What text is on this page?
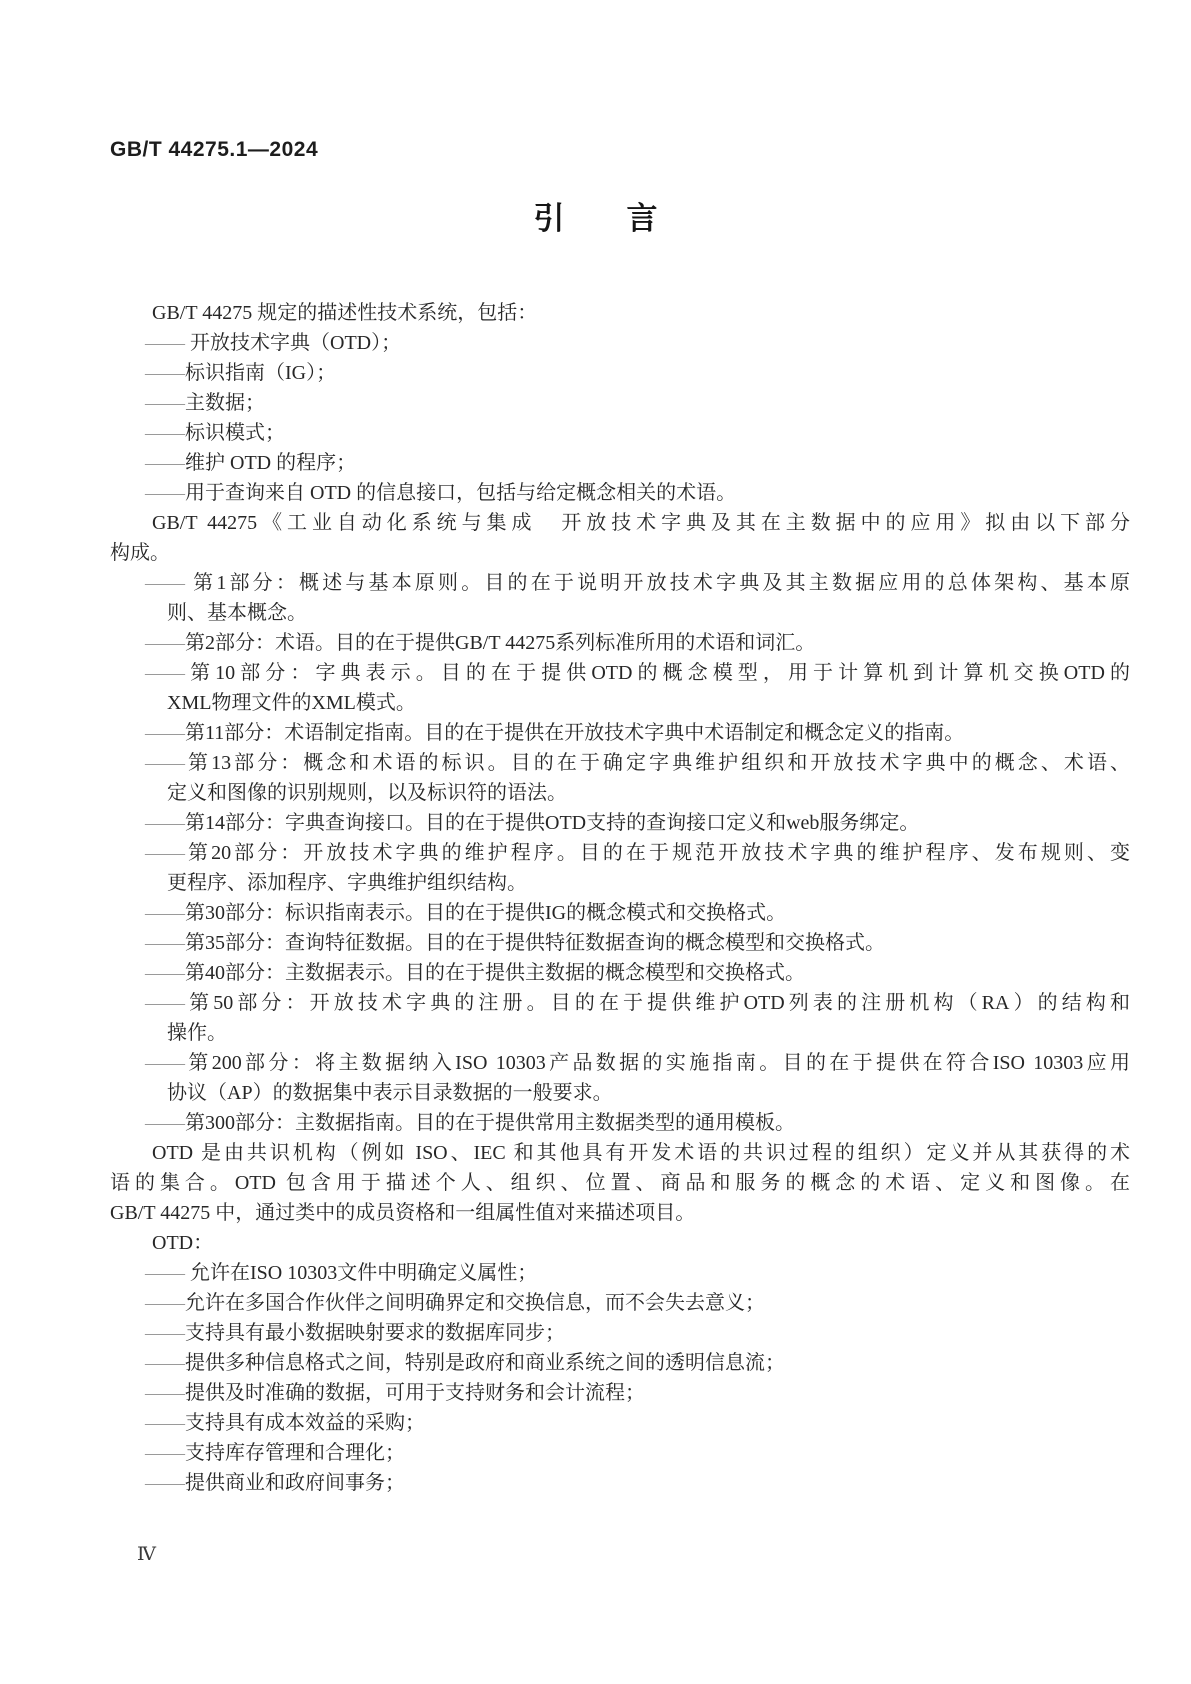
GB/T 44275.1—2024
引　　言
GB/T 44275 规定的描述性技术系统，包括：
—— 开放技术字典（OTD）；
——标识指南（IG）；
——主数据；
——标识模式；
——维护 OTD 的程序；
——用于查询来自 OTD 的信息接口，包括与给定概念相关的术语。
GB/T 44275《工业自动化系统与集成　开放技术字典及其在主数据中的应用》拟由以下部分
构成。
—— 第1部分：概述与基本原则。目的在于说明开放技术字典及其主数据应用的总体架构、基本原
则、基本概念。
——第2部分：术语。目的在于提供GB/T 44275系列标准所用的术语和词汇。
——第10部分：字典表示。目的在于提供OTD的概念模型，用于计算机到计算机交换OTD的
XML物理文件的XML模式。
——第11部分：术语制定指南。目的在于提供在开放技术字典中术语制定和概念定义的指南。
——第13部分：概念和术语的标识。目的在于确定字典维护组织和开放技术字典中的概念、术语、
定义和图像的识别规则，以及标识符的语法。
——第14部分：字典查询接口。目的在于提供OTD支持的查询接口定义和web服务绑定。
——第20部分：开放技术字典的维护程序。目的在于规范开放技术字典的维护程序、发布规则、变
更程序、添加程序、字典维护组织结构。
——第30部分：标识指南表示。目的在于提供IG的概念模式和交换格式。
——第35部分：查询特征数据。目的在于提供特征数据查询的概念模型和交换格式。
——第40部分：主数据表示。目的在于提供主数据的概念模型和交换格式。
——第50部分：开放技术字典的注册。目的在于提供维护OTD列表的注册机构（RA）的结构和
操作。
——第200部分：将主数据纳入ISO 10303产品数据的实施指南。目的在于提供在符合ISO 10303应用
协议（AP）的数据集中表示目录数据的一般要求。
——第300部分：主数据指南。目的在于提供常用主数据类型的通用模板。
OTD 是由共识机构（例如 ISO、IEC 和其他具有开发术语的共识过程的组织）定义并从其获得的术
语的集合。OTD 包含用于描述个人、组织、位置、商品和服务的概念的术语、定义和图像。在
GB/T 44275 中，通过类中的成员资格和一组属性值对来描述项目。
OTD：
—— 允许在ISO 10303文件中明确定义属性；
——允许在多国合作伙伴之间明确界定和交换信息，而不会失去意义；
——支持具有最小数据映射要求的数据库同步；
——提供多种信息格式之间，特别是政府和商业系统之间的透明信息流；
——提供及时准确的数据，可用于支持财务和会计流程；
——支持具有成本效益的采购；
——支持库存管理和合理化；
——提供商业和政府间事务；
Ⅳ
